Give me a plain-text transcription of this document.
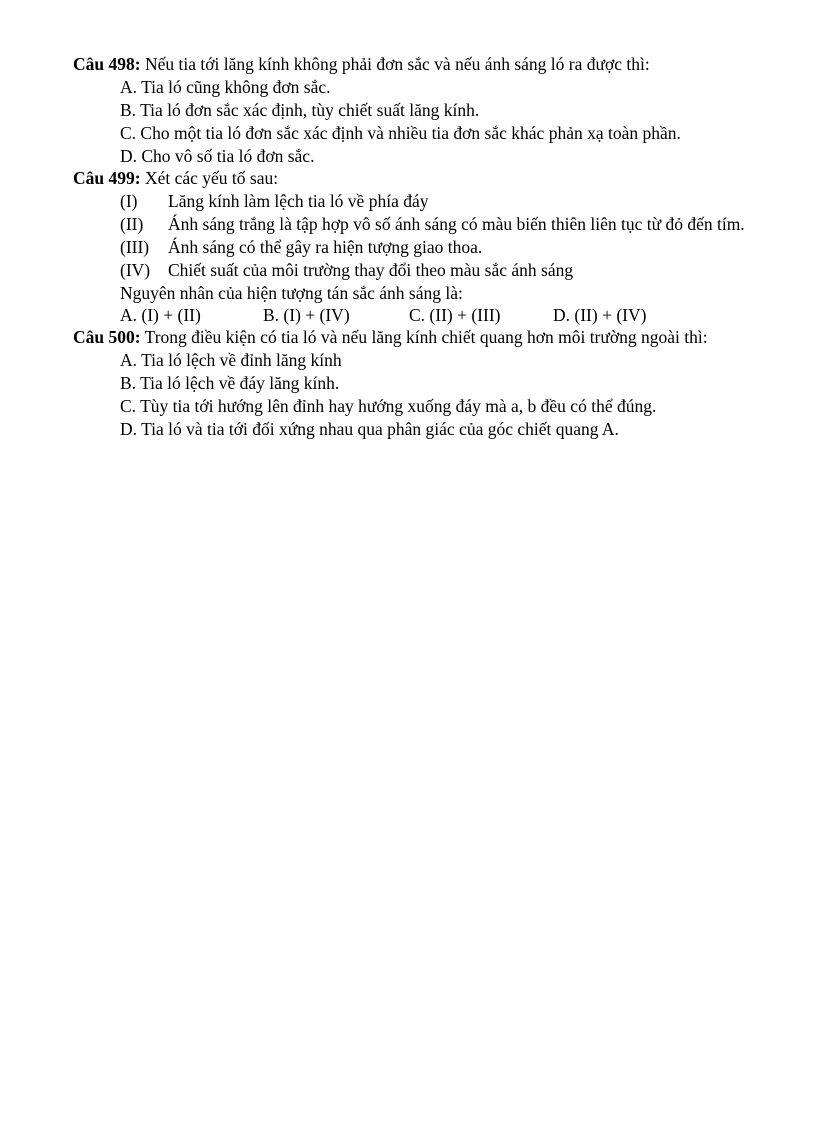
Câu 498: Nếu tia tới lăng kính không phải đơn sắc và nếu ánh sáng ló ra được thì:
A. Tia ló cũng không đơn sắc.
B. Tia ló đơn sắc xác định, tùy chiết suất lăng kính.
C. Cho một tia ló đơn sắc xác định và nhiều tia đơn sắc khác phản xạ toàn phần.
D. Cho vô số tia ló đơn sắc.
Câu 499: Xét các yếu tố sau:
(I) Lăng kính làm lệch tia ló về phía đáy
(II) Ánh sáng trắng là tập hợp vô số ánh sáng có màu biến thiên liên tục từ đỏ đến tím.
(III) Ánh sáng có thể gây ra hiện tượng giao thoa.
(IV) Chiết suất của môi trường thay đổi theo màu sắc ánh sáng
Nguyên nhân của hiện tượng tán sắc ánh sáng là:
A. (I) + (II)	B. (I) + (IV)	C. (II) + (III)	D. (II) + (IV)
Câu 500: Trong điều kiện có tia ló và nếu lăng kính chiết quang hơn môi trường ngoài thì:
A. Tia ló lệch về đỉnh lăng kính
B. Tia ló lệch về đáy lăng kính.
C. Tùy tia tới hướng lên đỉnh hay hướng xuống đáy mà a, b đều có thể đúng.
D. Tia ló và tia tới đối xứng nhau qua phân giác của góc chiết quang A.
